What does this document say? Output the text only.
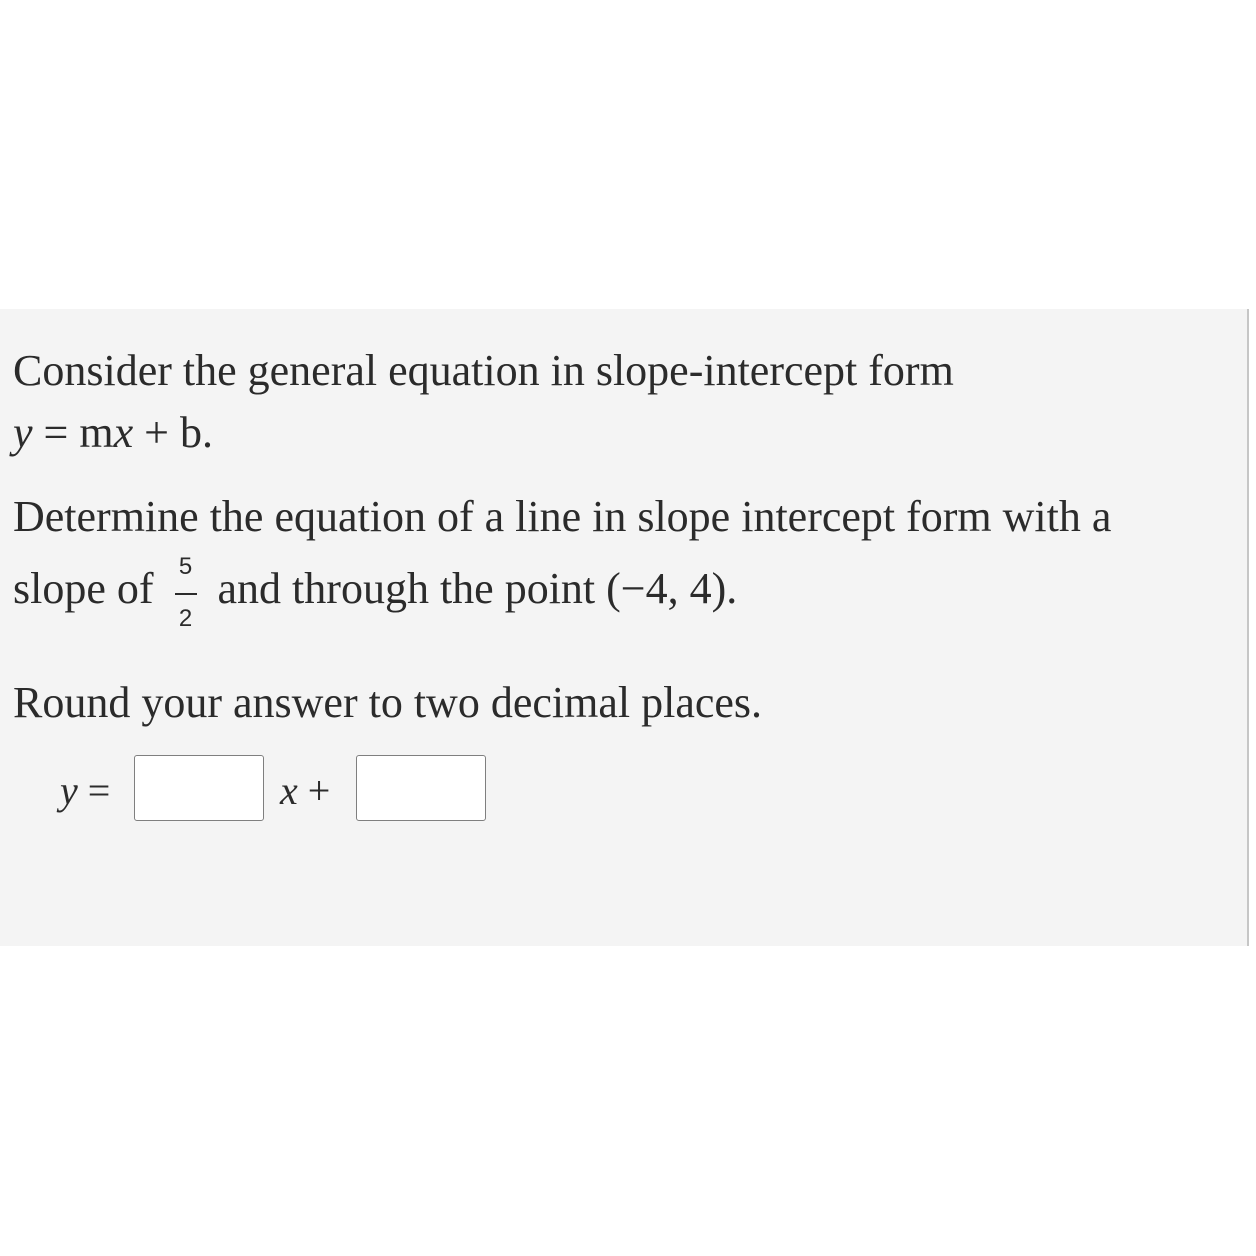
Consider the general equation in slope-intercept form
y = mx + b.
Determine the equation of a line in slope intercept form with a
slope of $\frac{5}{2}$ and through the point (−4, 4).
Round your answer to two decimal places.
y =	x +
